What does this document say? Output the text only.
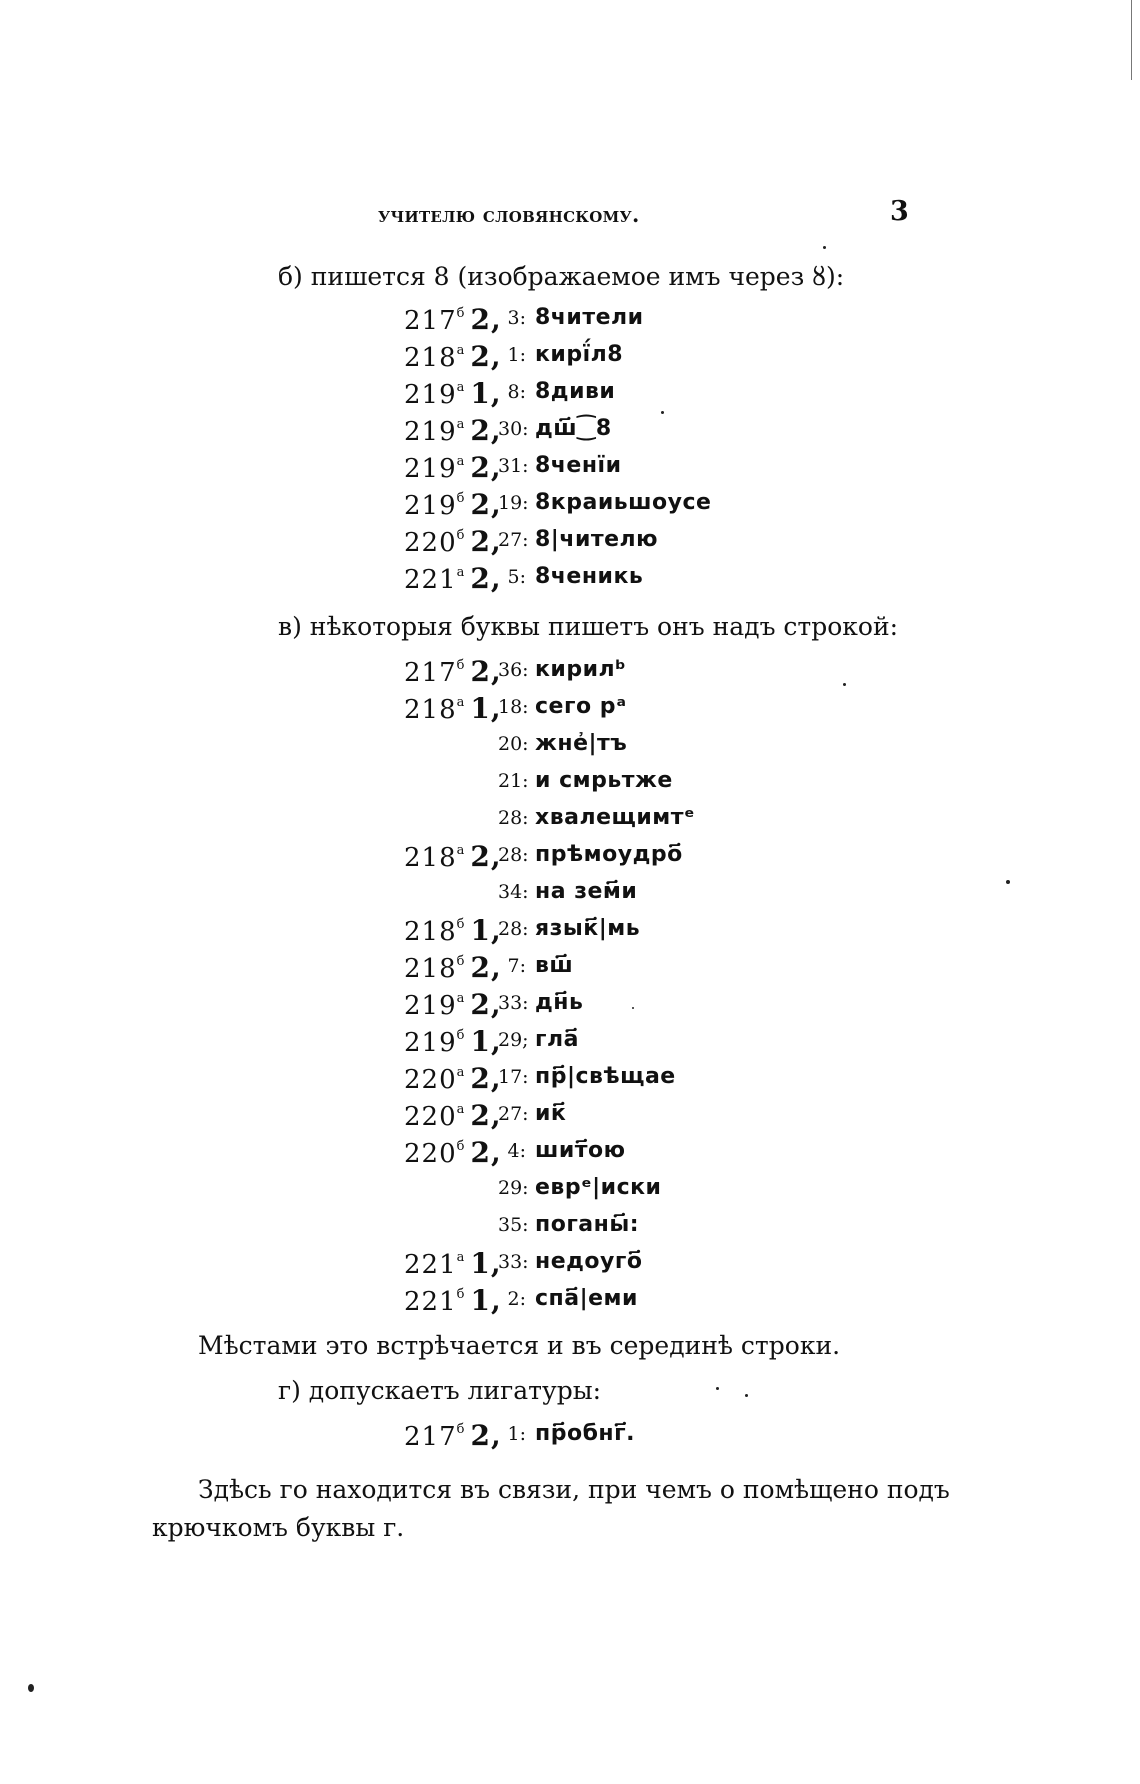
учителю словянскому.	3
б) пишется 8 (изображаемое имъ через ȣ):
$217^б$ 2, 3: 8чители
$218^а$ 2, 1: кирї́л8
$219^а$ 1, 8: 8диви
$219^а$ 2,
30: дш҃⁐8
$219^а$ 2,
31: 8ченїи
$219^б$ 2,
19: 8краиьшоусе
$220^б$ 2,
27: 8|чителю
$221^а$ 2, 5: 8ченикь
в) нѣкоторыя буквы пишетъ онъ надъ строкой:
$217^б$ 2,
36: кирилᵇ
$218^а$ 1,
18: сего рᵃ
20: жне҆|тъ
21: и смрьтже
28: хвалещимтᵉ
$218^а$ 2,
28: прѣмоудро҃
34: на зем҃и
$218^б$ 1,
28: язык҃|мь
$218^б$ 2, 7: вш҃
$219^а$ 2,
33: дн҃ь
$219^б$ 1,
29; гла҃
$220^а$ 2,
17: пр҃|свѣщае
$220^а$ 2,
27: ик҃
$220^б$ 2, 4: шит҃ою
29: еврᵉ|иски
35: поганы҃:
$221^а$ 1,
33: недоуго҃
$221^б$ 1, 2: спа҃|еми
Мѣстами это встрѣчается и въ серединѣ строки.
г) допускаетъ лигатуры:
$217^б$ 2, 1: пр҃обнг҃.
Здѣсь го находится въ связи, при чемъ о помѣщено подъ
крючкомъ буквы г.
